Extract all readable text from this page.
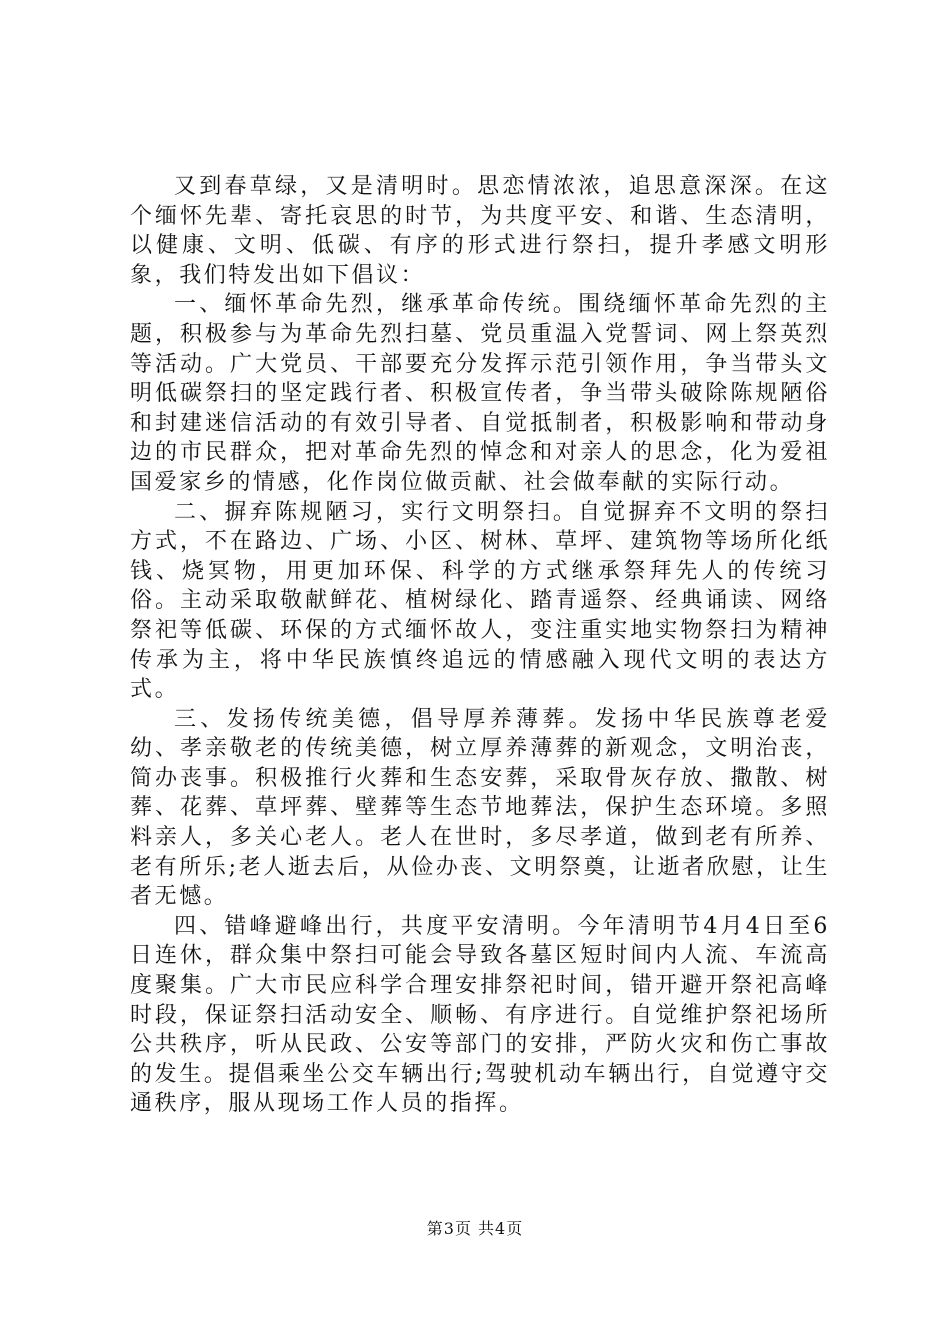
又到春草绿，又是清明时。思恋情浓浓，追思意深深。在这个缅怀先辈、寄托哀思的时节，为共度平安、和谐、生态清明，以健康、文明、低碳、有序的形式进行祭扫，提升孝感文明形象，我们特发出如下倡议：

一、缅怀革命先烈，继承革命传统。围绕缅怀革命先烈的主题，积极参与为革命先烈扫墓、党员重温入党誓词、网上祭英烈等活动。广大党员、干部要充分发挥示范引领作用，争当带头文明低碳祭扫的坚定践行者、积极宣传者，争当带头破除陈规陋俗和封建迷信活动的有效引导者、自觉抵制者，积极影响和带动身边的市民群众，把对革命先烈的悼念和对亲人的思念，化为爱祖国爱家乡的情感，化作岗位做贡献、社会做奉献的实际行动。

二、摒弃陈规陋习，实行文明祭扫。自觉摒弃不文明的祭扫方式，不在路边、广场、小区、树林、草坪、建筑物等场所化纸钱、烧冥物，用更加环保、科学的方式继承祭拜先人的传统习俗。主动采取敬献鲜花、植树绿化、踏青遥祭、经典诵读、网络祭祀等低碳、环保的方式缅怀故人，变注重实地实物祭扫为精神传承为主，将中华民族慎终追远的情感融入现代文明的表达方式。

三、发扬传统美德，倡导厚养薄葬。发扬中华民族尊老爱幼、孝亲敬老的传统美德，树立厚养薄葬的新观念，文明治丧，简办丧事。积极推行火葬和生态安葬，采取骨灰存放、撒散、树葬、花葬、草坪葬、壁葬等生态节地葬法，保护生态环境。多照料亲人，多关心老人。老人在世时，多尽孝道，做到老有所养、老有所乐;老人逝去后，从俭办丧、文明祭奠，让逝者欣慰，让生者无憾。

四、错峰避峰出行，共度平安清明。今年清明节4月4日至6日连休，群众集中祭扫可能会导致各墓区短时间内人流、车流高度聚集。广大市民应科学合理安排祭祀时间，错开避开祭祀高峰时段，保证祭扫活动安全、顺畅、有序进行。自觉维护祭祀场所公共秩序，听从民政、公安等部门的安排，严防火灾和伤亡事故的发生。提倡乘坐公交车辆出行;驾驶机动车辆出行，自觉遵守交通秩序，服从现场工作人员的指挥。

第3页 共4页
